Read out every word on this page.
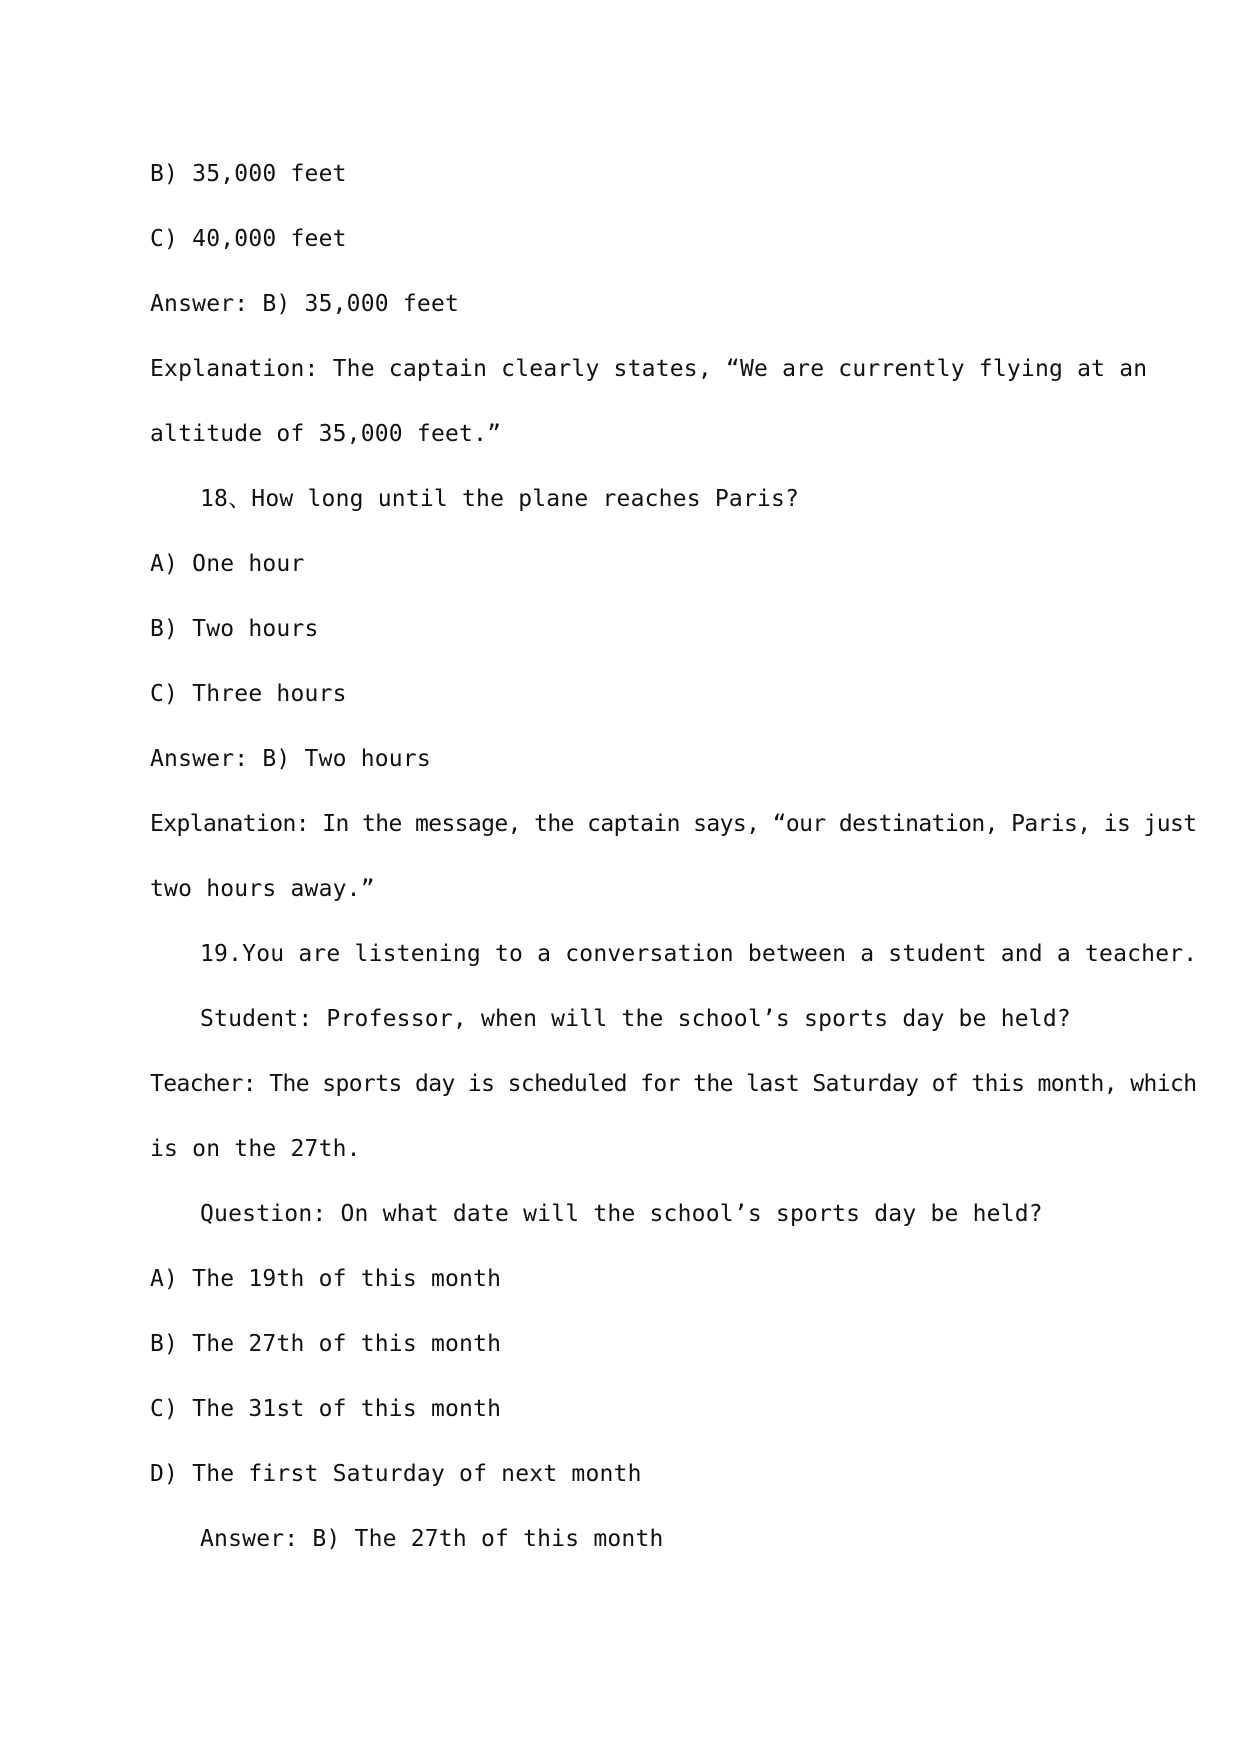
B) 35,000 feet
C) 40,000 feet
Answer: B) 35,000 feet
Explanation: The captain clearly states, “We are currently flying at an
altitude of 35,000 feet.”
18、How long until the plane reaches Paris?
A) One hour
B) Two hours
C) Three hours
Answer: B) Two hours
Explanation: In the message, the captain says, “our destination, Paris, is just
two hours away.”
19.You are listening to a conversation between a student and a teacher.
Student: Professor, when will the school’s sports day be held?
Teacher: The sports day is scheduled for the last Saturday of this month, which
is on the 27th.
Question: On what date will the school’s sports day be held?
A) The 19th of this month
B) The 27th of this month
C) The 31st of this month
D) The first Saturday of next month
Answer: B) The 27th of this month
